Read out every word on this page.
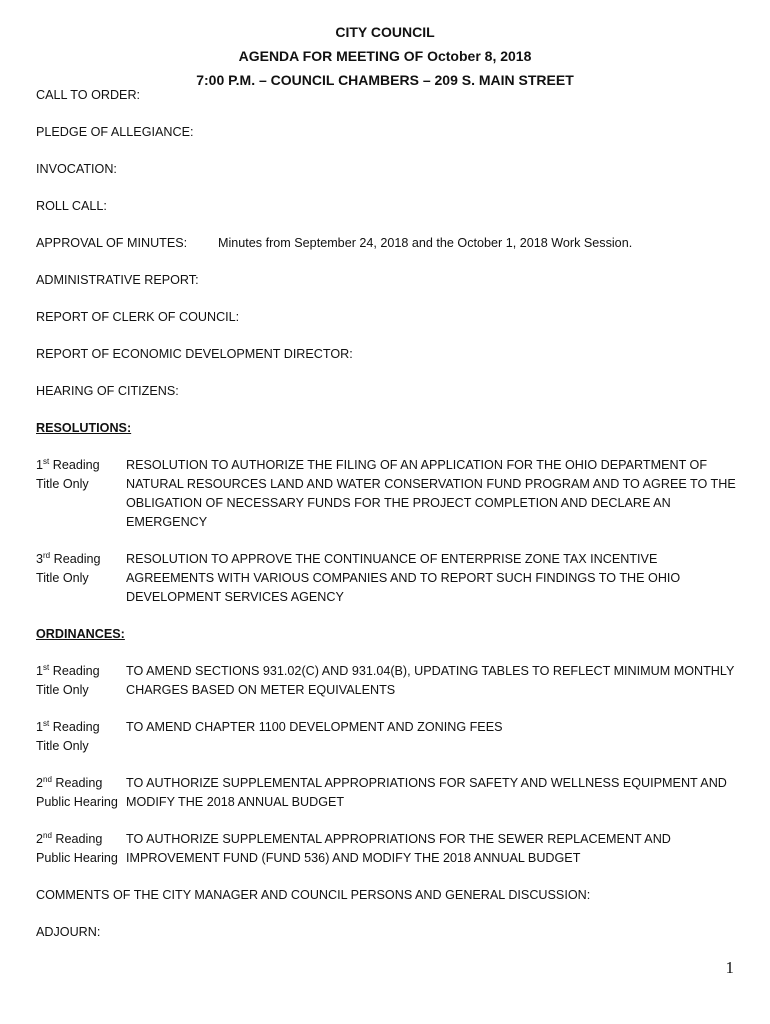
CITY COUNCIL
AGENDA FOR MEETING OF October 8, 2018
7:00 P.M. – COUNCIL CHAMBERS – 209 S. MAIN STREET
CALL TO ORDER:
PLEDGE OF ALLEGIANCE:
INVOCATION:
ROLL CALL:
APPROVAL OF MINUTES: Minutes from September 24, 2018 and the October 1, 2018 Work Session.
ADMINISTRATIVE REPORT:
REPORT OF CLERK OF COUNCIL:
REPORT OF ECONOMIC DEVELOPMENT DIRECTOR:
HEARING OF CITIZENS:
RESOLUTIONS:
1st Reading
Title Only
RESOLUTION TO AUTHORIZE THE FILING OF AN APPLICATION FOR THE OHIO DEPARTMENT OF NATURAL RESOURCES LAND AND WATER CONSERVATION FUND PROGRAM AND TO AGREE TO THE OBLIGATION OF NECESSARY FUNDS FOR THE PROJECT COMPLETION AND DECLARE AN EMERGENCY
3rd Reading
Title Only
RESOLUTION TO APPROVE THE CONTINUANCE OF ENTERPRISE ZONE TAX INCENTIVE AGREEMENTS WITH VARIOUS COMPANIES AND TO REPORT SUCH FINDINGS TO THE OHIO DEVELOPMENT SERVICES AGENCY
ORDINANCES:
1st Reading
Title Only
TO AMEND SECTIONS 931.02(C) AND 931.04(B), UPDATING TABLES TO REFLECT MINIMUM MONTHLY CHARGES BASED ON METER EQUIVALENTS
1st Reading
Title Only
TO AMEND CHAPTER 1100 DEVELOPMENT AND ZONING FEES
2nd Reading	TO AUTHORIZE SUPPLEMENTAL APPROPRIATIONS FOR SAFETY AND WELLNESS EQUIPMENT AND
Public Hearing MODIFY THE 2018 ANNUAL BUDGET
2nd Reading	TO AUTHORIZE SUPPLEMENTAL APPROPRIATIONS FOR THE SEWER REPLACEMENT AND
Public Hearing IMPROVEMENT FUND (FUND 536) AND MODIFY THE 2018 ANNUAL BUDGET
COMMENTS OF THE CITY MANAGER AND COUNCIL PERSONS AND GENERAL DISCUSSION:
ADJOURN:
1
